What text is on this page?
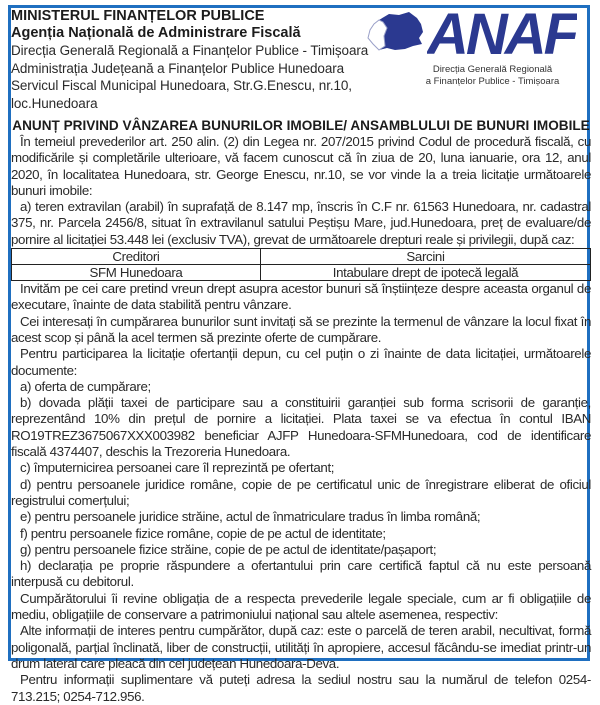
ANAF
Direcția Generală Regională
a Finanțelor Publice - Timișoara
MINISTERUL FINANȚELOR PUBLICE
Agenția Națională de Administrare Fiscală
Direcția Generală Regională a Finanțelor Publice - Timișoara
Administrația Județeană a Finanțelor Publice Hunedoara
Servicul Fiscal Municipal Hunedoara, Str.G.Enescu, nr.10,
loc.Hunedoara
ANUNȚ PRIVIND VÂNZAREA BUNURILOR IMOBILE/ ANSAMBLULUI DE BUNURI IMOBILE

În temeiul prevederilor art. 250 alin. (2) din Legea nr. 207/2015 privind Codul de procedură fiscală, cu modificările și completările ulterioare, vă facem cunoscut că în ziua de 20, luna ianuarie, ora 12, anul 2020, în localitatea Hunedoara, str. George Enescu, nr.10, se vor vinde la a treia licitație următoarele bunuri imobile:

a) teren extravilan (arabil) în suprafață de 8.147 mp, înscris în C.F nr. 61563 Hunedoara, nr. cadastral 375, nr. Parcela 2456/8, situat în extravilanul satului Peștișu Mare, jud.Hunedoara, preț de evaluare/de pornire al licitației 53.448 lei (exclusiv TVA), grevat de următoarele drepturi reale și privilegii, după caz:

Creditori	Sarcini
SFM Hunedoara	Intabulare drept de ipotecă legală

Invităm pe cei care pretind vreun drept asupra acestor bunuri să înștiințeze despre aceasta organul de executare, înainte de data stabilită pentru vânzare.

Cei interesați în cumpărarea bunurilor sunt invitați să se prezinte la termenul de vânzare la locul fixat în acest scop și până la acel termen să prezinte oferte de cumpărare.

Pentru participarea la licitație ofertanții depun, cu cel puțin o zi înainte de data licitației, următoarele documente:

a) oferta de cumpărare;

b) dovada plății taxei de participare sau a constituirii garanției sub forma scrisorii de garanție, reprezentând 10% din prețul de pornire a licitației. Plata taxei se va efectua în contul IBAN RO19TREZ3675067XXX003982 beneficiar AJFP Hunedoara-SFMHunedoara, cod de identificare fiscală 4374407, deschis la Trezoreria Hunedoara.

c) împuternicirea persoanei care îl reprezintă pe ofertant;

d) pentru persoanele juridice române, copie de pe certificatul unic de înregistrare eliberat de oficiul registrului comerțului;

e) pentru persoanele juridice străine, actul de înmatriculare tradus în limba română;

f) pentru persoanele fizice române, copie de pe actul de identitate;

g) pentru persoanele fizice străine, copie de pe actul de identitate/pașaport;

h) declarația pe proprie răspundere a ofertantului prin care certifică faptul că nu este persoană interpusă cu debitorul.

Cumpărătorului îi revine obligația de a respecta prevederile legale speciale, cum ar fi obligațiile de mediu, obligațiile de conservare a patrimoniului național sau altele asemenea, respectiv:

Alte informații de interes pentru cumpărător, după caz: este o parcelă de teren arabil, necultivat, formă poligonală, parțial înclinată, liber de construcții, utilități în apropiere, accesul făcându-se imediat printr-un drum lateral care pleacă din cel județean Hunedoara-Deva.

Pentru informații suplimentare vă puteți adresa la sediul nostru sau la numărul de telefon 0254-713.215; 0254-712.956.
